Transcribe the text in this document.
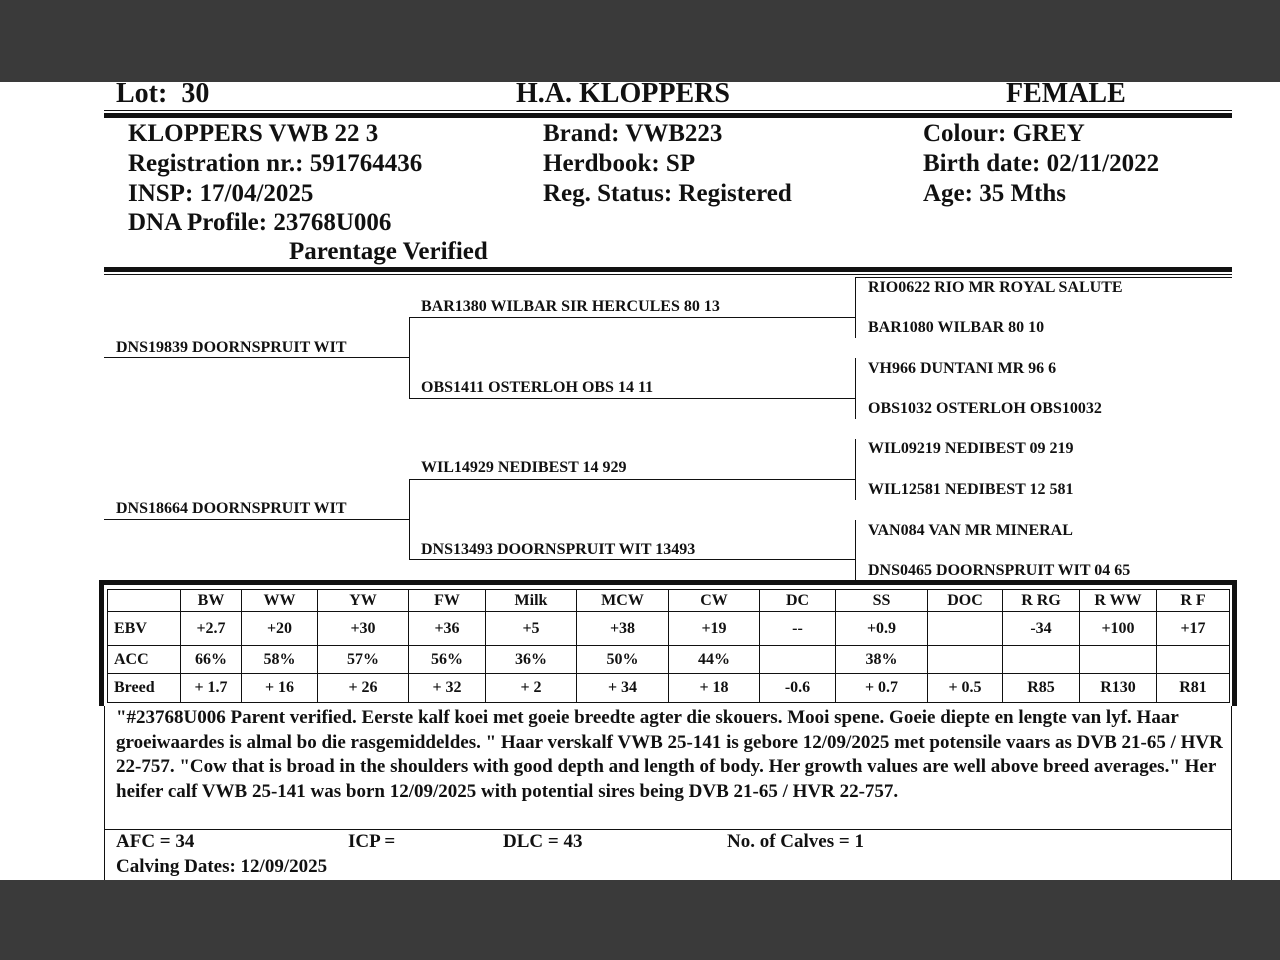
Lot: 30	H.A. KLOPPERS	FEMALE
KLOPPERS VWB 22 3
Registration nr.: 591764436
INSP: 17/04/2025
DNA Profile: 23768U006
Parentage Verified
Brand: VWB223
Herdbook: SP
Reg. Status: Registered
Colour: GREY
Birth date: 02/11/2022
Age: 35 Mths
DNS19839 DOORNSPRUIT WIT
DNS18664 DOORNSPRUIT WIT
BAR1380 WILBAR SIR HERCULES 80 13
OBS1411 OSTERLOH OBS 14 11
WIL14929 NEDIBEST 14 929
DNS13493 DOORNSPRUIT WIT 13493
RIO0622 RIO MR ROYAL SALUTE
BAR1080 WILBAR 80 10
VH966 DUNTANI MR 96 6
OBS1032 OSTERLOH OBS10032
WIL09219 NEDIBEST 09 219
WIL12581 NEDIBEST 12 581
VAN084 VAN MR MINERAL
DNS0465 DOORNSPRUIT WIT 04 65
	BW	WW	YW	FW	Milk	MCW	CW	DC	SS	DOC	R RG	R WW	R F
EBV	+2.7	+20	+30	+36	+5	+38	+19	--	+0.9		-34	+100	+17
ACC	66%	58%	57%	56%	36%	50%	44%		38%				
Breed	+ 1.7	+ 16	+ 26	+ 32	+ 2	+ 34	+ 18	-0.6	+ 0.7	+ 0.5	R85	R130	R81
"#23768U006 Parent verified. Eerste kalf koei met goeie breedte agter die skouers. Mooi spene. Goeie diepte en lengte van lyf. Haar groeiwaardes is almal bo die rasgemiddeldes. " Haar verskalf VWB 25-141 is gebore 12/09/2025 met potensile vaars as DVB 21-65 / HVR 22-757. "Cow that is broad in the shoulders with good depth and length of body. Her growth values are well above breed averages." Her heifer calf VWB 25-141 was born 12/09/2025 with potential sires being DVB 21-65 / HVR 22-757.
AFC = 34	ICP =	DLC = 43	No. of Calves = 1
Calving Dates: 12/09/2025
